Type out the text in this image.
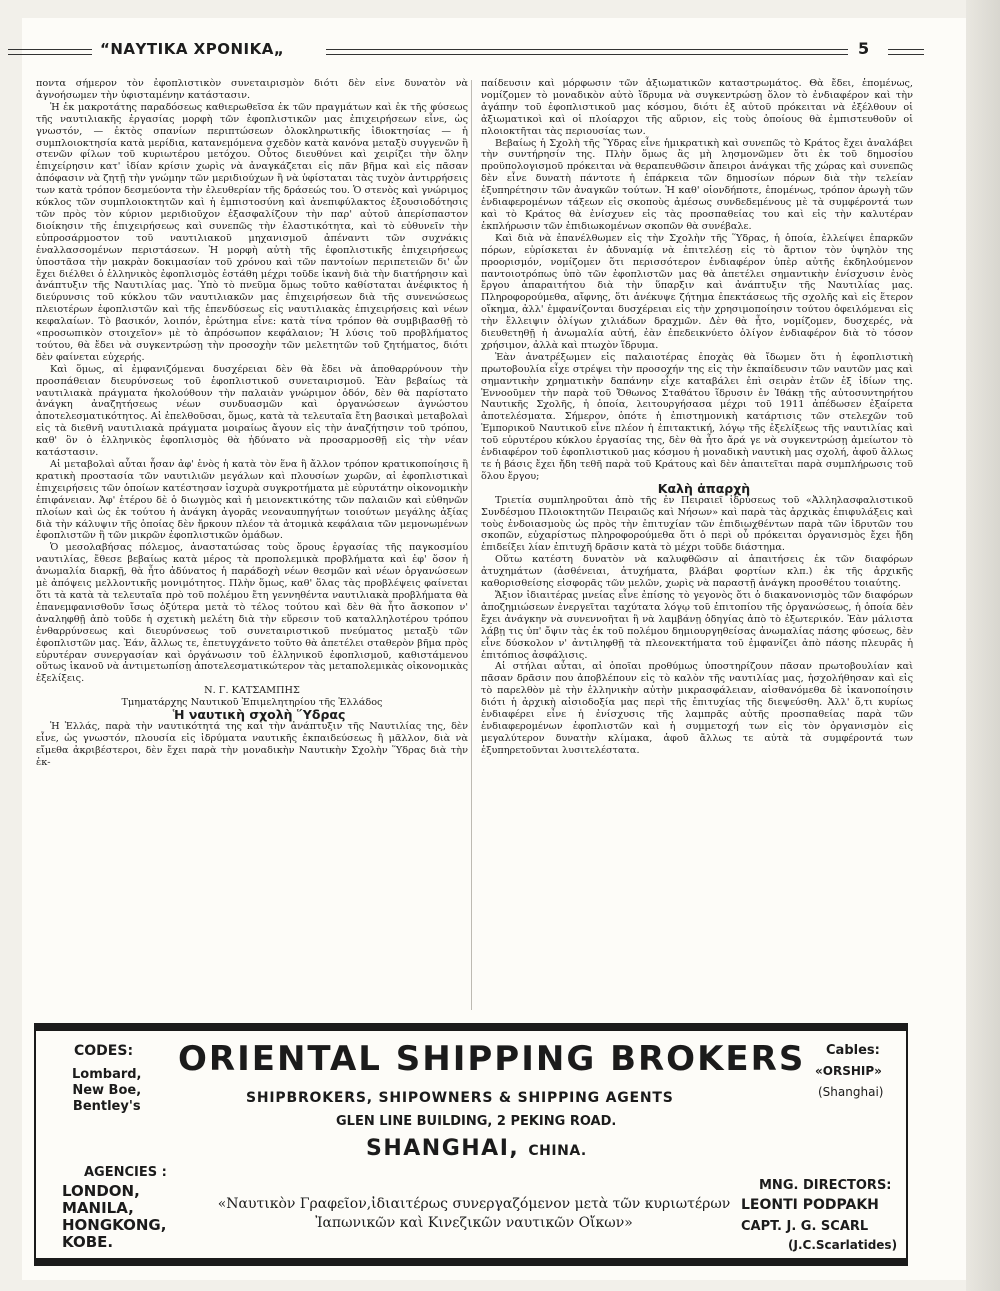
“ΝΑΥΤΙΚΑ ΧΡΟΝΙΚΑ„	5

ποντα σήμερον τὸν ἐφοπλιστικὸν συνεταιρισμὸν διότι δὲν εἶνε δυνατὸν νὰ ἀγνοήσωμεν τὴν ὑφισταμένην κατάστασιν.

Ἡ ἐκ μακροτάτης παραδόσεως καθιερωθεῖσα ἐκ τῶν πραγμάτων καὶ ἐκ τῆς φύσεως τῆς ναυτιλιακῆς ἐργασίας μορφὴ τῶν ἐφοπλιστικῶν μας ἐπιχειρήσεων εἶνε, ὡς γνωστόν, — ἐκτὸς σπανίων περιπτώσεων ὁλοκληρωτικῆς ἰδιοκτησίας — ἡ συμπλοιοκτησία κατὰ μερίδια, κατανεμόμενα σχεδὸν κατὰ κανόνα μεταξὺ συγγενῶν ἢ στενῶν φίλων τοῦ κυριωτέρου μετόχου. Οὗτος διευθύνει καὶ χειρίζει τὴν ὅλην ἐπιχείρησιν κατ' ἰδίαν κρίσιν χωρὶς νὰ ἀναγκάζεται εἰς πᾶν βῆμα καὶ εἰς πᾶσαν ἀπόφασιν νὰ ζητῇ τὴν γνώμην τῶν μεριδιούχων ἢ νὰ ὑφίσταται τὰς τυχὸν ἀντιρρήσεις των κατὰ τρόπον δεσμεύοντα τὴν ἐλευθερίαν τῆς δράσεώς του. Ὁ στενὸς καὶ γνώριμος κύκλος τῶν συμπλοιοκτητῶν καὶ ἡ ἐμπιστοσύνη καὶ ἀνεπιφύλακτος ἐξουσιοδότησις τῶν πρὸς τὸν κύριον μεριδιοῦχον ἐξασφαλίζουν τὴν παρ' αὐτοῦ ἀπερίσπαστον διοίκησιν τῆς ἐπιχειρήσεως καὶ συνεπῶς τὴν ἐλαστικότητα, καὶ τὸ εὐθυνεῖν τὴν εὐπροσάρμοστον τοῦ ναυτιλιακοῦ μηχανισμοῦ ἀπέναντι τῶν συχνάκις ἐναλλασσομένων περιστάσεων. Ἡ μορφὴ αὐτὴ τῆς ἐφοπλιστικῆς ἐπιχειρήσεως ὑποστᾶσα τὴν μακρὰν δοκιμασίαν τοῦ χρόνου καὶ τῶν παντοίων περιπετειῶν δι' ὧν ἔχει διέλθει ὁ ἑλληνικὸς ἐφοπλισμὸς ἐστάθη μέχρι τοῦδε ἱκανὴ διὰ τὴν διατήρησιν καὶ ἀνάπτυξιν τῆς Ναυτιλίας μας. Ὑπὸ τὸ πνεῦμα ὅμως τοῦτο καθίσταται ἀνέφικτος ἡ διεύρυνσις τοῦ κύκλου τῶν ναυτιλιακῶν μας ἐπιχειρήσεων διὰ τῆς συνενώσεως πλειοτέρων ἐφοπλιστῶν καὶ τῆς ἐπενδύσεως εἰς ναυτιλιακὰς ἐπιχειρήσεις καὶ νέων κεφαλαίων. Τὸ βασικόν, λοιπόν, ἐρώτημα εἶνε: κατὰ τίνα τρόπον θὰ συμβιβασθῇ τὸ «προσωπικὸν στοιχεῖον» μὲ τὸ ἀπρόσωπον κεφάλαιον; Ἡ λύσις τοῦ προβλήματος τούτου, θὰ ἔδει νὰ συγκεντρώσῃ τὴν προσοχὴν τῶν μελετητῶν τοῦ ζητήματος, διότι δὲν φαίνεται εὐχερής.

Καὶ ὅμως, αἱ ἐμφανιζόμεναι δυσχέρειαι δὲν θὰ ἔδει νὰ ἀποθαρρύνουν τὴν προσπάθειαν διευρύνσεως τοῦ ἐφοπλιστικοῦ συνεταιρισμοῦ. Ἐὰν βεβαίως τὰ ναυτιλιακὰ πράγματα ἠκολούθουν τὴν παλαιὰν γνώριμον ὁδόν, δὲν θὰ παρίστατο ἀνάγκη ἀναζητήσεως νέων συνδυασμῶν καὶ ὀργανώσεων ἀγνώστου ἀποτελεσματικότητος. Αἱ ἐπελθοῦσαι, ὅμως, κατὰ τὰ τελευταῖα ἔτη βασικαὶ μεταβολαὶ εἰς τὰ διεθνῆ ναυτιλιακὰ πράγματα μοιραίως ἄγουν εἰς τὴν ἀναζήτησιν τοῦ τρόπου, καθ' ὃν ὁ ἑλληνικὸς ἐφοπλισμὸς θὰ ἠδύνατο νὰ προσαρμοσθῇ εἰς τὴν νέαν κατάστασιν.

Αἱ μεταβολαὶ αὗται ἦσαν ἀφ' ἑνὸς ἡ κατὰ τὸν ἕνα ἢ ἄλλον τρόπον κρατικοποίησις ἢ κρατικὴ προστασία τῶν ναυτιλιῶν μεγάλων καὶ πλουσίων χωρῶν, αἱ ἐφοπλιστικαὶ ἐπιχειρήσεις τῶν ὁποίων κατέστησαν ἰσχυρὰ συγκροτήματα μὲ εὐρυτάτην οἰκονομικὴν ἐπιφάνειαν. Ἀφ' ἑτέρου δὲ ὁ διωγμὸς καὶ ἡ μειονεκτικότης τῶν παλαιῶν καὶ εὐθηνῶν πλοίων καὶ ὡς ἐκ τούτου ἡ ἀνάγκη ἀγορᾶς νεοναυπηγήτων τοιούτων μεγάλης ἀξίας διὰ τὴν κάλυψιν τῆς ὁποίας δὲν ἤρκουν πλέον τὰ ἀτομικὰ κεφάλαια τῶν μεμονωμένων ἐφοπλιστῶν ἢ τῶν μικρῶν ἐφοπλιστικῶν ὁμάδων.

Ὁ μεσολαβήσας πόλεμος, ἀναστατώσας τοὺς ὅρους ἐργασίας τῆς παγκοσμίου ναυτιλίας, ἔθεσε βεβαίως κατὰ μέρος τὰ προπολεμικὰ προβλήματα καὶ ἐφ' ὅσον ἡ ἀνωμαλία διαρκῇ, θὰ ἦτο ἀδύνατος ἡ παράδοχὴ νέων θεσμῶν καὶ νέων ὀργανώσεων μὲ ἀπόψεις μελλοντικῆς μονιμότητος. Πλὴν ὅμως, καθ' ὅλας τὰς προβλέψεις φαίνεται ὅτι τὰ κατὰ τὰ τελευταῖα πρὸ τοῦ πολέμου ἔτη γεννηθέντα ναυτιλιακὰ προβλήματα θὰ ἐπανεμφανισθοῦν ἴσως ὀξύτερα μετὰ τὸ τέλος τούτου καὶ δὲν θὰ ἦτο ἄσκοπον ν' ἀναληφθῇ ἀπὸ τοῦδε ἡ σχετικὴ μελέτη διὰ τὴν εὕρεσιν τοῦ καταλληλοτέρου τρόπου ἐνθαρρύνσεως καὶ διευρύνσεως τοῦ συνεταιριστικοῦ πνεύματος μεταξὺ τῶν ἐφοπλιστῶν μας. Ἐάν, ἄλλως τε, ἐπετυγχάνετο τοῦτο θὰ ἀπετέλει σταθερὸν βῆμα πρὸς εὐρυτέραν συνεργασίαν καὶ ὀργάνωσιν τοῦ ἑλληνικοῦ ἐφοπλισμοῦ, καθιστάμενου οὕτως ἱκανοῦ νὰ ἀντιμετωπίσῃ ἀποτελεσματικώτερον τὰς μεταπολεμικὰς οἰκονομικὰς ἐξελίξεις.

Ν. Γ. ΚΑΤΣΑΜΠΗΣ

Τμηματάρχης Ναυτικοῦ Ἐπιμελητηρίου τῆς Ἑλλάδος

Ἡ ναυτικὴ σχολὴ Ὕδρας

Ἡ Ἑλλάς, παρὰ τὴν ναυτικότητά της καὶ τὴν ἀνάπτυξιν τῆς Ναυτιλίας της, δὲν εἶνε, ὡς γνωστόν, πλουσία εἰς ἱδρύματα ναυτικῆς ἐκπαιδεύσεως ἢ μᾶλλον, διὰ νὰ εἴμεθα ἀκριβέστεροι, δὲν ἔχει παρὰ τὴν μοναδικὴν Ναυτικὴν Σχολὴν Ὕδρας διὰ τὴν ἐκ-

παίδευσιν καὶ μόρφωσιν τῶν ἀξιωματικῶν καταστρωμάτος. Θὰ ἔδει, ἑπομένως, νομίζομεν τὸ μοναδικὸν αὐτὸ ἵδρυμα νὰ συγκεντρώσῃ ὅλον τὸ ἐνδιαφέρον καὶ τὴν ἀγάπην τοῦ ἐφοπλιστικοῦ μας κόσμου, διότι ἐξ αὐτοῦ πρόκειται νὰ ἐξέλθουν οἱ ἀξιωματικοὶ καὶ οἱ πλοίαρχοι τῆς αὔριον, εἰς τοὺς ὁποίους θὰ ἐμπιστευθοῦν οἱ πλοιοκτῆται τὰς περιουσίας των.

Βεβαίως ἡ Σχολὴ τῆς Ὕδρας εἶνε ἡμικρατικὴ καὶ συνεπῶς τὸ Κράτος ἔχει ἀναλάβει τὴν συντήρησίν της. Πλὴν ὅμως ἂς μὴ λησμονῶμεν ὅτι ἐκ τοῦ δημοσίου προϋπολογισμοῦ πρόκειται νὰ θεραπευθῶσιν ἄπειροι ἀνάγκαι τῆς χώρας καὶ συνεπῶς δὲν εἶνε δυνατὴ πάντοτε ἡ ἐπάρκεια τῶν δημοσίων πόρων διὰ τὴν τελείαν ἐξυπηρέτησιν τῶν ἀναγκῶν τούτων. Ἡ καθ' οἱονδήποτε, ἑπομένως, τρόπον ἀρωγὴ τῶν ἐνδιαφερομένων τάξεων εἰς σκοποὺς ἀμέσως συνδεδεμένους μὲ τὰ συμφέροντά των καὶ τὸ Κράτος θὰ ἐνίσχυεν εἰς τὰς προσπαθείας του καὶ εἰς τὴν καλυτέραν ἐκπλήρωσιν τῶν ἐπιδιωκομένων σκοπῶν θὰ συνέβαλε.

Καὶ διὰ νὰ ἐπανέλθωμεν εἰς τὴν Σχολὴν τῆς Ὕδρας, ἡ ὁποία, ἐλλείψει ἐπαρκῶν πόρων, εὑρίσκεται ἐν ἀδυναμίᾳ νὰ ἐπιτελέσῃ εἰς τὸ ἄρτιον τὸν ὑψηλὸν της προορισμόν, νομίζομεν ὅτι περισσότερον ἐνδιαφέρον ὑπὲρ αὐτῆς ἐκδηλούμενον παντοιοτρόπως ὑπὸ τῶν ἐφοπλιστῶν μας θὰ ἀπετέλει σημαντικὴν ἐνίσχυσιν ἑνὸς ἔργου ἀπαραιτήτου διὰ τὴν ὕπαρξιν καὶ ἀνάπτυξιν τῆς Ναυτιλίας μας. Πληροφορούμεθα, αἴφνης, ὅτι ἀνέκυψε ζήτημα ἐπεκτάσεως τῆς σχολῆς καὶ εἰς ἕτερον οἴκημα, ἀλλ' ἐμφανίζονται δυσχέρειαι εἰς τὴν χρησιμοποίησιν τούτου ὀφειλόμεναι εἰς τὴν ἔλλειψιν ὀλίγων χιλιάδων δραχμῶν. Δὲν θὰ ἦτο, νομίζομεν, δυσχερές, νὰ διευθετηθῇ ἡ ἀνωμαλία αὐτή, ἐὰν ἐπεδεικνύετο ὀλίγον ἐνδιαφέρον διὰ τὸ τόσον χρήσιμον, ἀλλὰ καὶ πτωχὸν ἵδρυμα.

Ἐὰν ἀνατρέξωμεν εἰς παλαιοτέρας ἐποχὰς θὰ ἴδωμεν ὅτι ἡ ἐφοπλιστικὴ πρωτοβουλία εἶχε στρέψει τὴν προσοχήν της εἰς τὴν ἐκπαίδευσιν τῶν ναυτῶν μας καὶ σημαντικὴν χρηματικὴν δαπάνην εἶχε καταβάλει ἐπὶ σειρὰν ἐτῶν ἐξ ἰδίων της. Ἐννοοῦμεν τὴν παρὰ τοῦ Ὄθωνος Σταθάτου ἵδρυσιν ἐν Ἰθάκῃ τῆς αὐτοσυντηρήτου Ναυτικῆς Σχολῆς, ἡ ὁποία, λειτουργήσασα μέχρι τοῦ 1911 ἀπέδωσεν ἐξαίρετα ἀποτελέσματα. Σήμερον, ὁπότε ἡ ἐπιστημονικὴ κατάρτισις τῶν στελεχῶν τοῦ Ἐμπορικοῦ Ναυτικοῦ εἶνε πλέον ἡ ἐπιτακτική, λόγῳ τῆς ἐξελίξεως τῆς ναυτιλίας καὶ τοῦ εὐρυτέρου κύκλου ἐργασίας της, δὲν θὰ ἦτο ἄρά γε νὰ συγκεντρώσῃ ἀμείωτον τὸ ἐνδιαφέρον τοῦ ἐφοπλιστικοῦ μας κόσμου ἡ μοναδικὴ ναυτικὴ μας σχολή, ἀφοῦ ἄλλως τε ἡ βάσις ἔχει ἤδη τεθῆ παρὰ τοῦ Κράτους καὶ δὲν ἀπαιτεῖται παρὰ συμπλήρωσις τοῦ ὅλου ἔργου;

Καλὴ ἀπαρχὴ

Τριετία συμπληροῦται ἀπὸ τῆς ἐν Πειραιεῖ ἱδρύσεως τοῦ «Ἀλληλασφαλιστικοῦ Συνδέσμου Πλοιοκτητῶν Πειραιῶς καὶ Νήσων» καὶ παρὰ τὰς ἀρχικὰς ἐπιφυλάξεις καὶ τοὺς ἐνδοιασμοὺς ὡς πρὸς τὴν ἐπιτυχίαν τῶν ἐπιδιωχθέντων παρὰ τῶν ἱδρυτῶν του σκοπῶν, εὐχαρίστως πληροφορούμεθα ὅτι ὁ περὶ οὗ πρόκειται ὀργανισμὸς ἔχει ἤδη ἐπιδείξει λίαν ἐπιτυχῆ δρᾶσιν κατὰ τὸ μέχρι τοῦδε διάστημα.

Οὕτω κατέστη δυνατὸν νὰ καλυφθῶσιν αἱ ἀπαιτήσεις ἐκ τῶν διαφόρων ἀτυχημάτων (ἀσθένειαι, ἀτυχήματα, βλάβαι φορτίων κλπ.) ἐκ τῆς ἀρχικῆς καθορισθείσης εἰσφορᾶς τῶν μελῶν, χωρὶς νὰ παραστῇ ἀνάγκη προσθέτου τοιαύτης.

Ἄξιον ἰδιαιτέρας μνείας εἶνε ἐπίσης τὸ γεγονὸς ὅτι ὁ διακανονισμὸς τῶν διαφόρων ἀποζημιώσεων ἐνεργεῖται ταχύτατα λόγῳ τοῦ ἐπιτοπίου τῆς ὀργανώσεως, ἡ ὁποία δὲν ἔχει ἀνάγκην νὰ συνεννοῆται ἢ νὰ λαμβάνῃ ὁδηγίας ἀπὸ τὸ ἐξωτερικόν. Ἐὰν μάλιστα λάβῃ τις ὑπ' ὄψιν τὰς ἐκ τοῦ πολέμου δημιουργηθείσας ἀνωμαλίας πάσης φύσεως, δὲν εἶνε δύσκολον ν' ἀντιληφθῇ τὰ πλεονεκτήματα τοῦ ἐμφανίζει ἀπὸ πάσης πλευρᾶς ἡ ἐπιτόπιος ἀσφάλισις.

Αἱ στήλαι αὗται, αἱ ὁποῖαι προθύμως ὑποστηρίζουν πᾶσαν πρωτοβουλίαν καὶ πᾶσαν δρᾶσιν που ἀποβλέπουν εἰς τὸ καλὸν τῆς ναυτιλίας μας, ἠσχολήθησαν καὶ εἰς τὸ παρελθὸν μὲ τὴν ἑλληνικὴν αὐτὴν μικρασφάλειαν, αἰσθανόμεθα δὲ ἱκανοποίησιν διότι ἡ ἀρχικὴ αἰσιοδοξία μας περὶ τῆς ἐπιτυχίας τῆς διεψεύσθη. Ἀλλ' ὅ,τι κυρίως ἐνδιαφέρει εἶνε ἡ ἐνίσχυσις τῆς λαμπρᾶς αὐτῆς προσπαθείας παρὰ τῶν ἐνδιαφερομένων ἐφοπλιστῶν καὶ ἡ συμμετοχή των εἰς τὸν ὀργανισμὸν εἰς μεγαλύτερον δυνατὴν κλίμακα, ἀφοῦ ἄλλως τε αὐτὰ τὰ συμφέροντά των ἐξυπηρετοῦνται λυσιτελέστατα.

CODES:
Lombard,
New Boe,
Bentley's
ORIENTAL SHIPPING BROKERS
SHIPBROKERS, SHIPOWNERS & SHIPPING AGENTS
GLEN LINE BUILDING, 2 PEKING ROAD.
SHANGHAI, CHINA.
Cables:
«ORSHIP»
(Shanghai)
AGENCIES :
LONDON,
MANILA,
HONGKONG,
KOBE.
«Ναυτικὸν Γραφεῖον,ἰδιαιτέρως συνεργαζόμενον μετὰ τῶν κυριωτέρων Ἰαπωνικῶν καὶ Κινεζικῶν ναυτικῶν Οἴκων»
MNG. DIRECTORS:
LEONTI PODPAKH
CAPT. J. G. SCARL
(J.C.Scarlatides)
